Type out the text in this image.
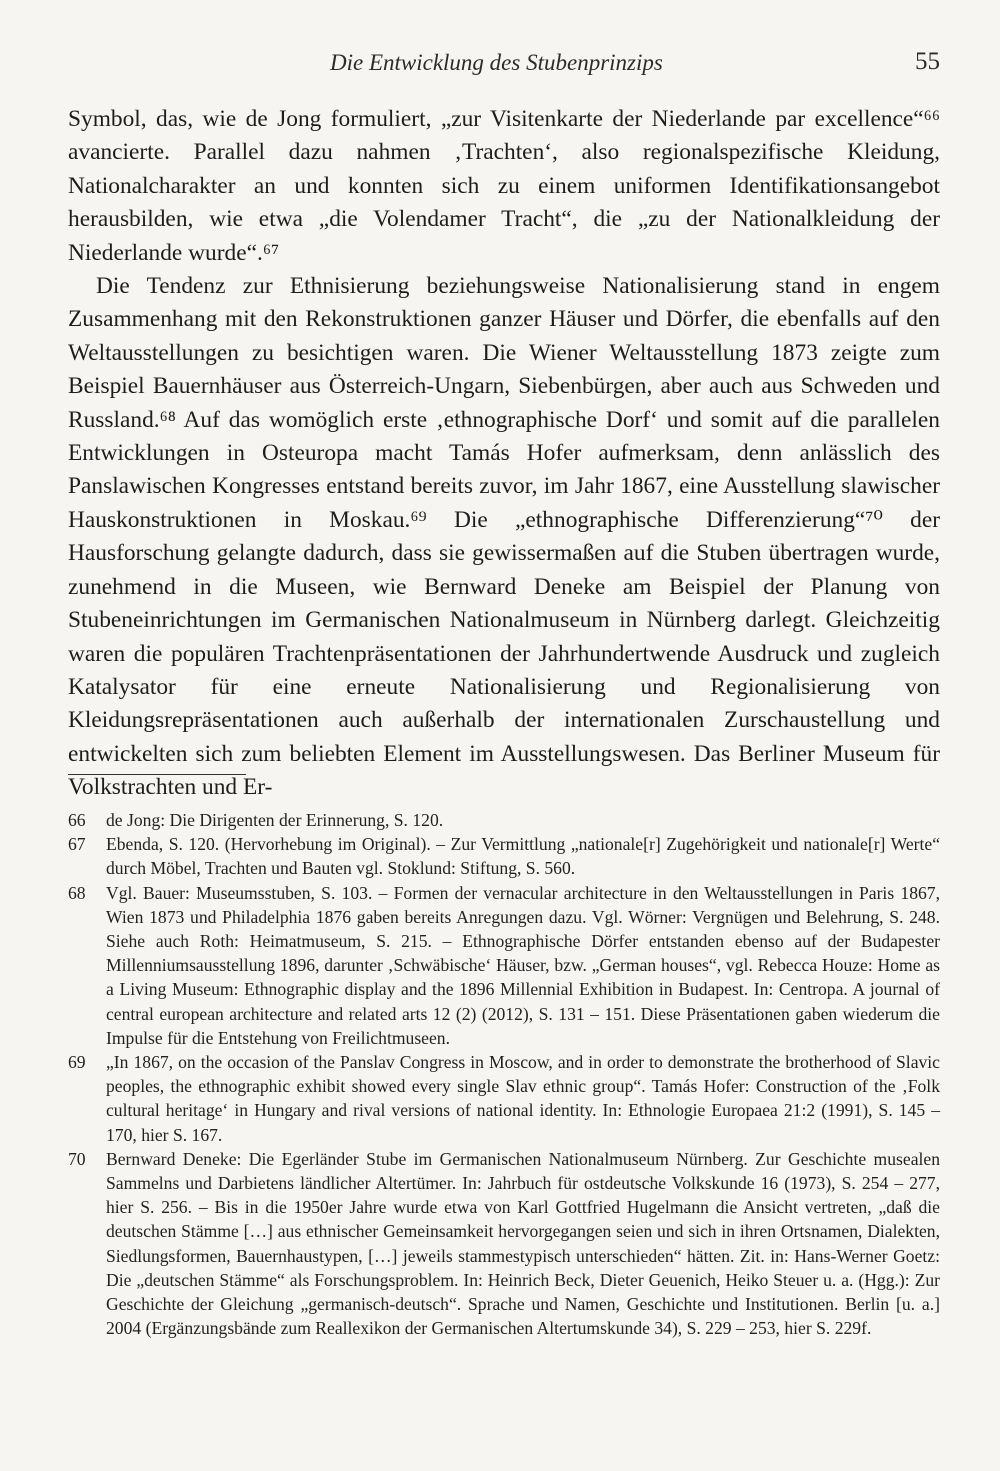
Die Entwicklung des Stubenprinzips	55

Symbol, das, wie de Jong formuliert, „zur Visitenkarte der Niederlande par excellence“⁶⁶ avancierte. Parallel dazu nahmen ‚Trachten‘, also regionalspezifische Kleidung, Nationalcharakter an und konnten sich zu einem uniformen Identifikationsangebot herausbilden, wie etwa „die Volendamer Tracht“, die „zu der Nationalkleidung der Niederlande wurde“.⁶⁷

Die Tendenz zur Ethnisierung beziehungsweise Nationalisierung stand in engem Zusammenhang mit den Rekonstruktionen ganzer Häuser und Dörfer, die ebenfalls auf den Weltausstellungen zu besichtigen waren. Die Wiener Weltausstellung 1873 zeigte zum Beispiel Bauernhäuser aus Österreich-Ungarn, Siebenbürgen, aber auch aus Schweden und Russland.⁶⁸ Auf das womöglich erste ‚ethnographische Dorf‘ und somit auf die parallelen Entwicklungen in Osteuropa macht Tamás Hofer aufmerksam, denn anlässlich des Panslawischen Kongresses entstand bereits zuvor, im Jahr 1867, eine Ausstellung slawischer Hauskonstruktionen in Moskau.⁶⁹ Die „ethnographische Differenzierung“⁷⁰ der Hausforschung gelangte dadurch, dass sie gewissermaßen auf die Stuben übertragen wurde, zunehmend in die Museen, wie Bernward Deneke am Beispiel der Planung von Stubeneinrichtungen im Germanischen Nationalmuseum in Nürnberg darlegt. Gleichzeitig waren die populären Trachtenpräsentationen der Jahrhundertwende Ausdruck und zugleich Katalysator für eine erneute Nationalisierung und Regionalisierung von Kleidungsrepräsentationen auch außerhalb der internationalen Zurschaustellung und entwickelten sich zum beliebten Element im Ausstellungswesen. Das Berliner Museum für Volkstrachten und Er-

66	de Jong: Die Dirigenten der Erinnerung, S. 120.
67	Ebenda, S. 120. (Hervorhebung im Original). – Zur Vermittlung „nationale[r] Zugehörigkeit und nationale[r] Werte“ durch Möbel, Trachten und Bauten vgl. Stoklund: Stiftung, S. 560.
68	Vgl. Bauer: Museumsstuben, S. 103. – Formen der vernacular architecture in den Weltausstellungen in Paris 1867, Wien 1873 und Philadelphia 1876 gaben bereits Anregungen dazu. Vgl. Wörner: Vergnügen und Belehrung, S. 248. Siehe auch Roth: Heimatmuseum, S. 215. – Ethnographische Dörfer entstanden ebenso auf der Budapester Millenniumsausstellung 1896, darunter ‚Schwäbische‘ Häuser, bzw. „German houses“, vgl. Rebecca Houze: Home as a Living Museum: Ethnographic display and the 1896 Millennial Exhibition in Budapest. In: Centropa. A journal of central european architecture and related arts 12 (2) (2012), S. 131 – 151. Diese Präsentationen gaben wiederum die Impulse für die Entstehung von Freilichtmuseen.
69	„In 1867, on the occasion of the Panslav Congress in Moscow, and in order to demonstrate the brotherhood of Slavic peoples, the ethnographic exhibit showed every single Slav ethnic group“. Tamás Hofer: Construction of the ‚Folk cultural heritage‘ in Hungary and rival versions of national identity. In: Ethnologie Europaea 21:2 (1991), S. 145 – 170, hier S. 167.
70	Bernward Deneke: Die Egerländer Stube im Germanischen Nationalmuseum Nürnberg. Zur Geschichte musealen Sammelns und Darbietens ländlicher Altertümer. In: Jahrbuch für ostdeutsche Volkskunde 16 (1973), S. 254 – 277, hier S. 256. – Bis in die 1950er Jahre wurde etwa von Karl Gottfried Hugelmann die Ansicht vertreten, „daß die deutschen Stämme […] aus ethnischer Gemeinsamkeit hervorgegangen seien und sich in ihren Ortsnamen, Dialekten, Siedlungsformen, Bauernhaustypen, […] jeweils stammestypisch unterschieden“ hätten. Zit. in: Hans-Werner Goetz: Die „deutschen Stämme“ als Forschungsproblem. In: Heinrich Beck, Dieter Geuenich, Heiko Steuer u. a. (Hgg.): Zur Geschichte der Gleichung „germanisch-deutsch“. Sprache und Namen, Geschichte und Institutionen. Berlin [u. a.] 2004 (Ergänzungsbände zum Reallexikon der Germanischen Altertumskunde 34), S. 229 – 253, hier S. 229f.
